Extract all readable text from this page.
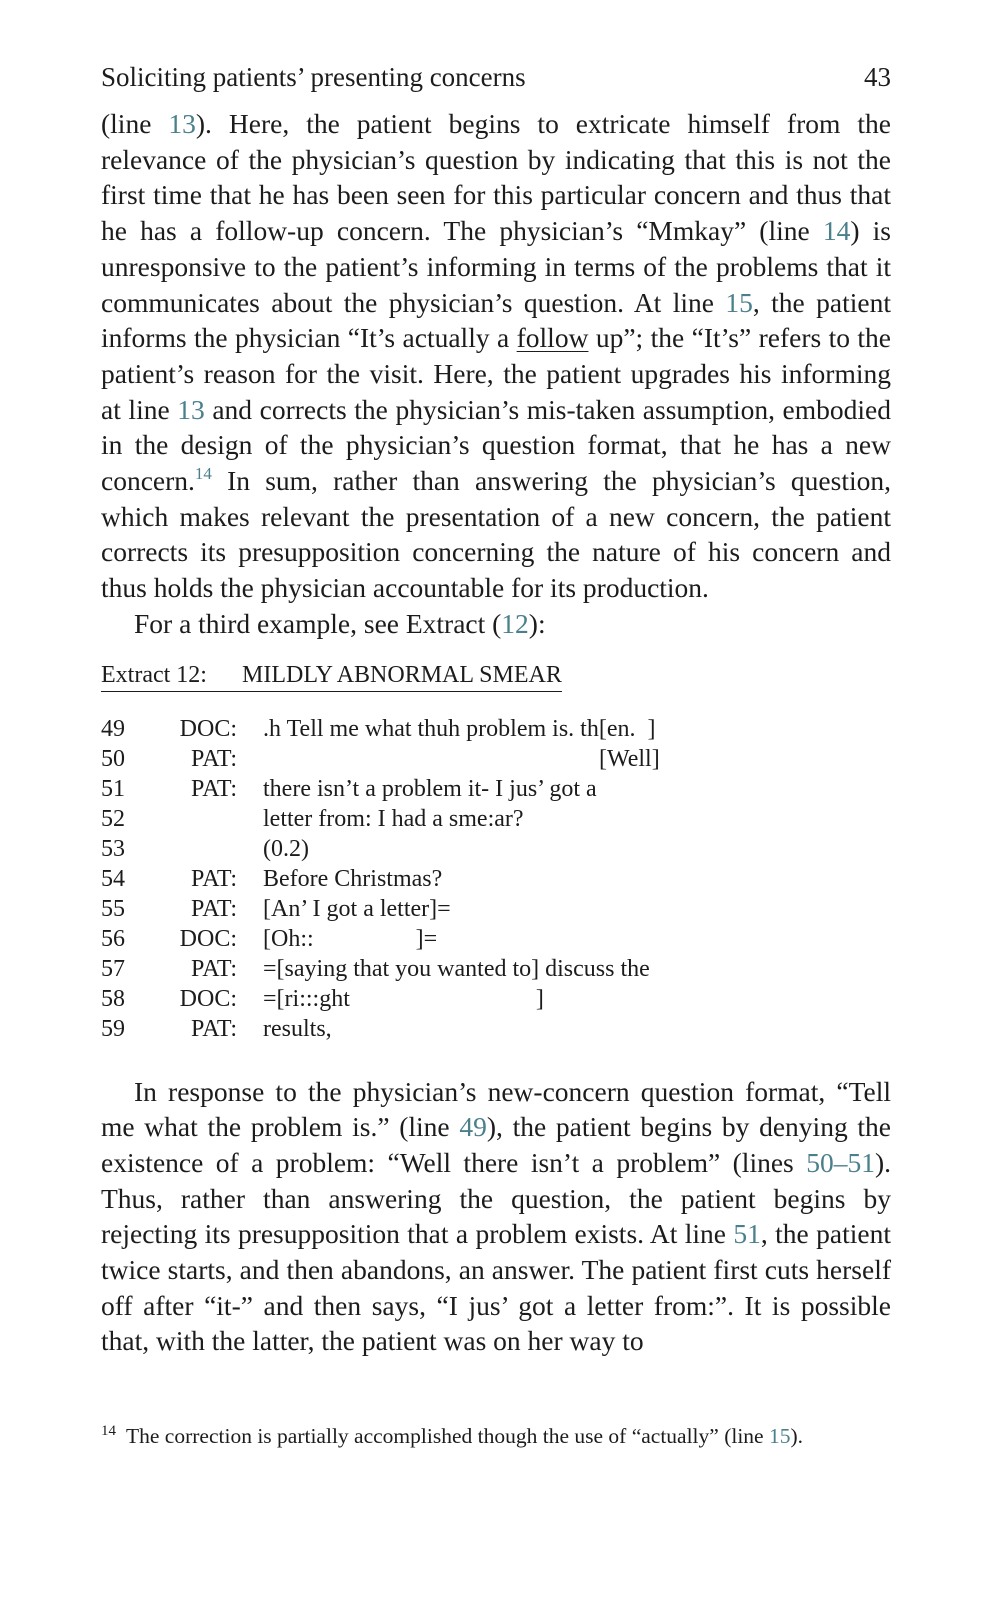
Soliciting patients’ presenting concerns	43

(line 13). Here, the patient begins to extricate himself from the relevance of the physician’s question by indicating that this is not the first time that he has been seen for this particular concern and thus that he has a follow-up concern. The physician’s “Mmkay” (line 14) is unresponsive to the patient’s informing in terms of the problems that it communicates about the physician’s question. At line 15, the patient informs the physician “It’s actually a follow up”; the “It’s” refers to the patient’s reason for the visit. Here, the patient upgrades his informing at line 13 and corrects the physician’s mis-taken assumption, embodied in the design of the physician’s question format, that he has a new concern.$^{14}$ In sum, rather than answering the physician’s question, which makes relevant the presentation of a new concern, the patient corrects its presupposition concerning the nature of his concern and thus holds the physician accountable for its production.

For a third example, see Extract (12):

Extract 12: MILDLY ABNORMAL SMEAR
49	DOC: .h Tell me what thuh problem is. th[en.  ]
50	PAT: [Well]
51	PAT: there isn’t a problem it- I jus’ got a
52	letter from: I had a sme:ar?
53	(0.2)
54	PAT: Before Christmas?
55	PAT: [An’ I got a letter]=
56	DOC: [Oh::                 ]=
57	PAT: =[saying that you wanted to] discuss the
58	DOC: =[ri:::ght                               ]
59	PAT: results,

In response to the physician’s new-concern question format, “Tell me what the problem is.” (line 49), the patient begins by denying the existence of a problem: “Well there isn’t a problem” (lines 50–51). Thus, rather than answering the question, the patient begins by rejecting its presupposition that a problem exists. At line 51, the patient twice starts, and then abandons, an answer. The patient first cuts herself off after “it-” and then says, “I jus’ got a letter from:”. It is possible that, with the latter, the patient was on her way to

$^{14}$ The correction is partially accomplished though the use of “actually” (line 15).
